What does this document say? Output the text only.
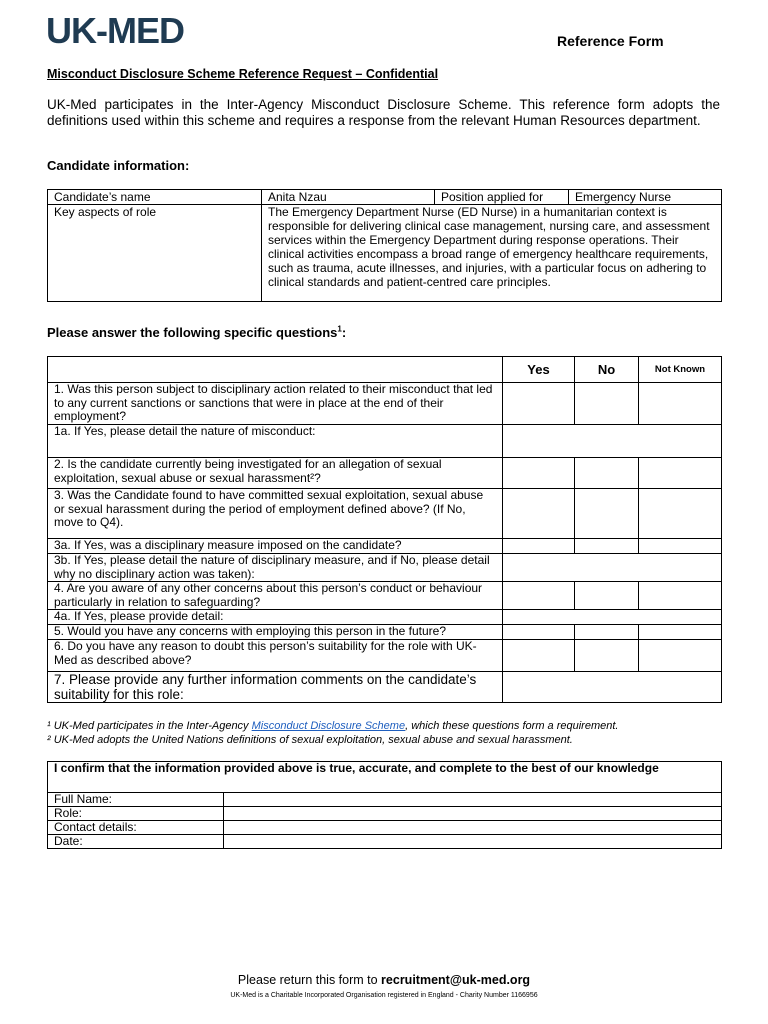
UK-MED	Reference Form
Misconduct Disclosure Scheme Reference Request – Confidential
UK-Med participates in the Inter-Agency Misconduct Disclosure Scheme. This reference form adopts the definitions used within this scheme and requires a response from the relevant Human Resources department.
Candidate information:
Candidate’s name	Anita Nzau	Position applied for	Emergency Nurse
Key aspects of role	The Emergency Department Nurse (ED Nurse) in a humanitarian context is responsible for delivering clinical case management, nursing care, and assessment services within the Emergency Department during response operations. Their clinical activities encompass a broad range of emergency healthcare requirements, such as trauma, acute illnesses, and injuries, with a particular focus on adhering to clinical standards and patient-centred care principles.		
Please answer the following specific questions$^1$:
	Yes	No	Not Known
1. Was this person subject to disciplinary action related to their misconduct that led to any current sanctions or sanctions that were in place at the end of their employment?			
1a. If Yes, please detail the nature of misconduct:			
2. Is the candidate currently being investigated for an allegation of sexual exploitation, sexual abuse or sexual harassment²?			
3. Was the Candidate found to have committed sexual exploitation, sexual abuse or sexual harassment during the period of employment defined above? (If No, move to Q4).			
3a. If Yes, was a disciplinary measure imposed on the candidate?			
3b. If Yes, please detail the nature of disciplinary measure, and if No, please detail why no disciplinary action was taken):			
4. Are you aware of any other concerns about this person’s conduct or behaviour particularly in relation to safeguarding?			
4a. If Yes, please provide detail:			
5. Would you have any concerns with employing this person in the future?			
6. Do you have any reason to doubt this person’s suitability for the role with UK-Med as described above?			
7. Please provide any further information comments on the candidate’s suitability for this role:			
¹ UK-Med participates in the Inter-Agency Misconduct Disclosure Scheme, which these questions form a requirement.
² UK-Med adopts the United Nations definitions of sexual exploitation, sexual abuse and sexual harassment.
I confirm that the information provided above is true, accurate, and complete to the best of our knowledge	
Full Name:	
Role:	
Contact details:	
Date:	
Please return this form to recruitment@uk-med.org
UK-Med is a Charitable Incorporated Organisation registered in England - Charity Number 1166956
